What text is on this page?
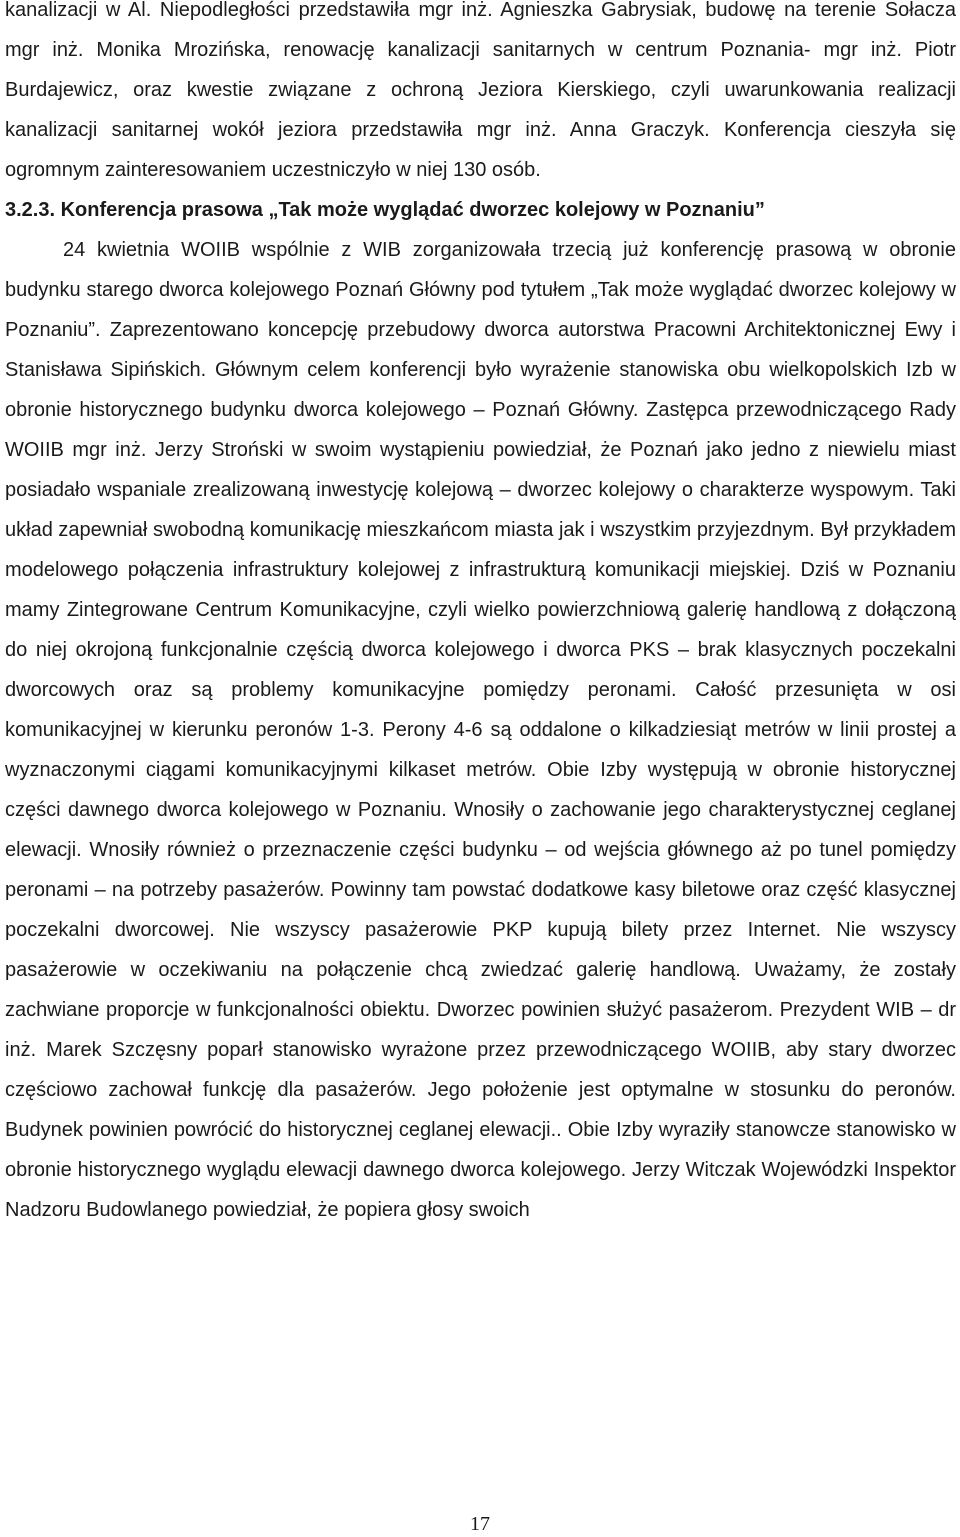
kanalizacji w Al. Niepodległości przedstawiła mgr inż. Agnieszka Gabrysiak, budowę na terenie Sołacza mgr inż. Monika Mrozińska, renowację kanalizacji sanitarnych w centrum Poznania- mgr inż. Piotr Burdajewicz, oraz kwestie związane z ochroną Jeziora Kierskiego, czyli uwarunkowania realizacji kanalizacji sanitarnej wokół jeziora przedstawiła mgr inż. Anna Graczyk. Konferencja cieszyła się ogromnym zainteresowaniem uczestniczyło w niej 130 osób.

3.2.3. Konferencja prasowa „Tak może wyglądać dworzec kolejowy w Poznaniu”

24 kwietnia WOIIB wspólnie z WIB zorganizowała trzecią już konferencję prasową w obronie budynku starego dworca kolejowego Poznań Główny pod tytułem „Tak może wyglądać dworzec kolejowy w Poznaniu”. Zaprezentowano koncepcję przebudowy dworca autorstwa Pracowni Architektonicznej Ewy i Stanisława Sipińskich. Głównym celem konferencji było wyrażenie stanowiska obu wielkopolskich Izb w obronie historycznego budynku dworca kolejowego – Poznań Główny. Zastępca przewodniczącego Rady WOIIB mgr inż. Jerzy Stroński w swoim wystąpieniu powiedział, że Poznań jako jedno z niewielu miast posiadało wspaniale zrealizowaną inwestycję kolejową – dworzec kolejowy o charakterze wyspowym. Taki układ zapewniał swobodną komunikację mieszkańcom miasta jak i wszystkim przyjezdnym. Był przykładem modelowego połączenia infrastruktury kolejowej z infrastrukturą komunikacji miejskiej. Dziś w Poznaniu mamy Zintegrowane Centrum Komunikacyjne, czyli wielko powierzchniową galerię handlową z dołączoną do niej okrojoną funkcjonalnie częścią dworca kolejowego i dworca PKS – brak klasycznych poczekalni dworcowych oraz są problemy komunikacyjne pomiędzy peronami. Całość przesunięta w osi komunikacyjnej w kierunku peronów 1-3. Perony 4-6 są oddalone o kilkadziesiąt metrów w linii prostej a wyznaczonymi ciągami komunikacyjnymi kilkaset metrów. Obie Izby występują w obronie historycznej części dawnego dworca kolejowego w Poznaniu. Wnosiły o zachowanie jego charakterystycznej ceglanej elewacji. Wnosiły również o przeznaczenie części budynku – od wejścia głównego aż po tunel pomiędzy peronami – na potrzeby pasażerów. Powinny tam powstać dodatkowe kasy biletowe oraz część klasycznej poczekalni dworcowej. Nie wszyscy pasażerowie PKP kupują bilety przez Internet. Nie wszyscy pasażerowie w oczekiwaniu na połączenie chcą zwiedzać galerię handlową. Uważamy, że zostały zachwiane proporcje w funkcjonalności obiektu. Dworzec powinien służyć pasażerom. Prezydent WIB – dr inż. Marek Szczęsny poparł stanowisko wyrażone przez przewodniczącego WOIIB, aby stary dworzec częściowo zachował funkcję dla pasażerów. Jego położenie jest optymalne w stosunku do peronów. Budynek powinien powrócić do historycznej ceglanej elewacji.. Obie Izby wyraziły stanowcze stanowisko w obronie historycznego wyglądu elewacji dawnego dworca kolejowego. Jerzy Witczak Wojewódzki Inspektor Nadzoru Budowlanego powiedział, że popiera głosy swoich

17
